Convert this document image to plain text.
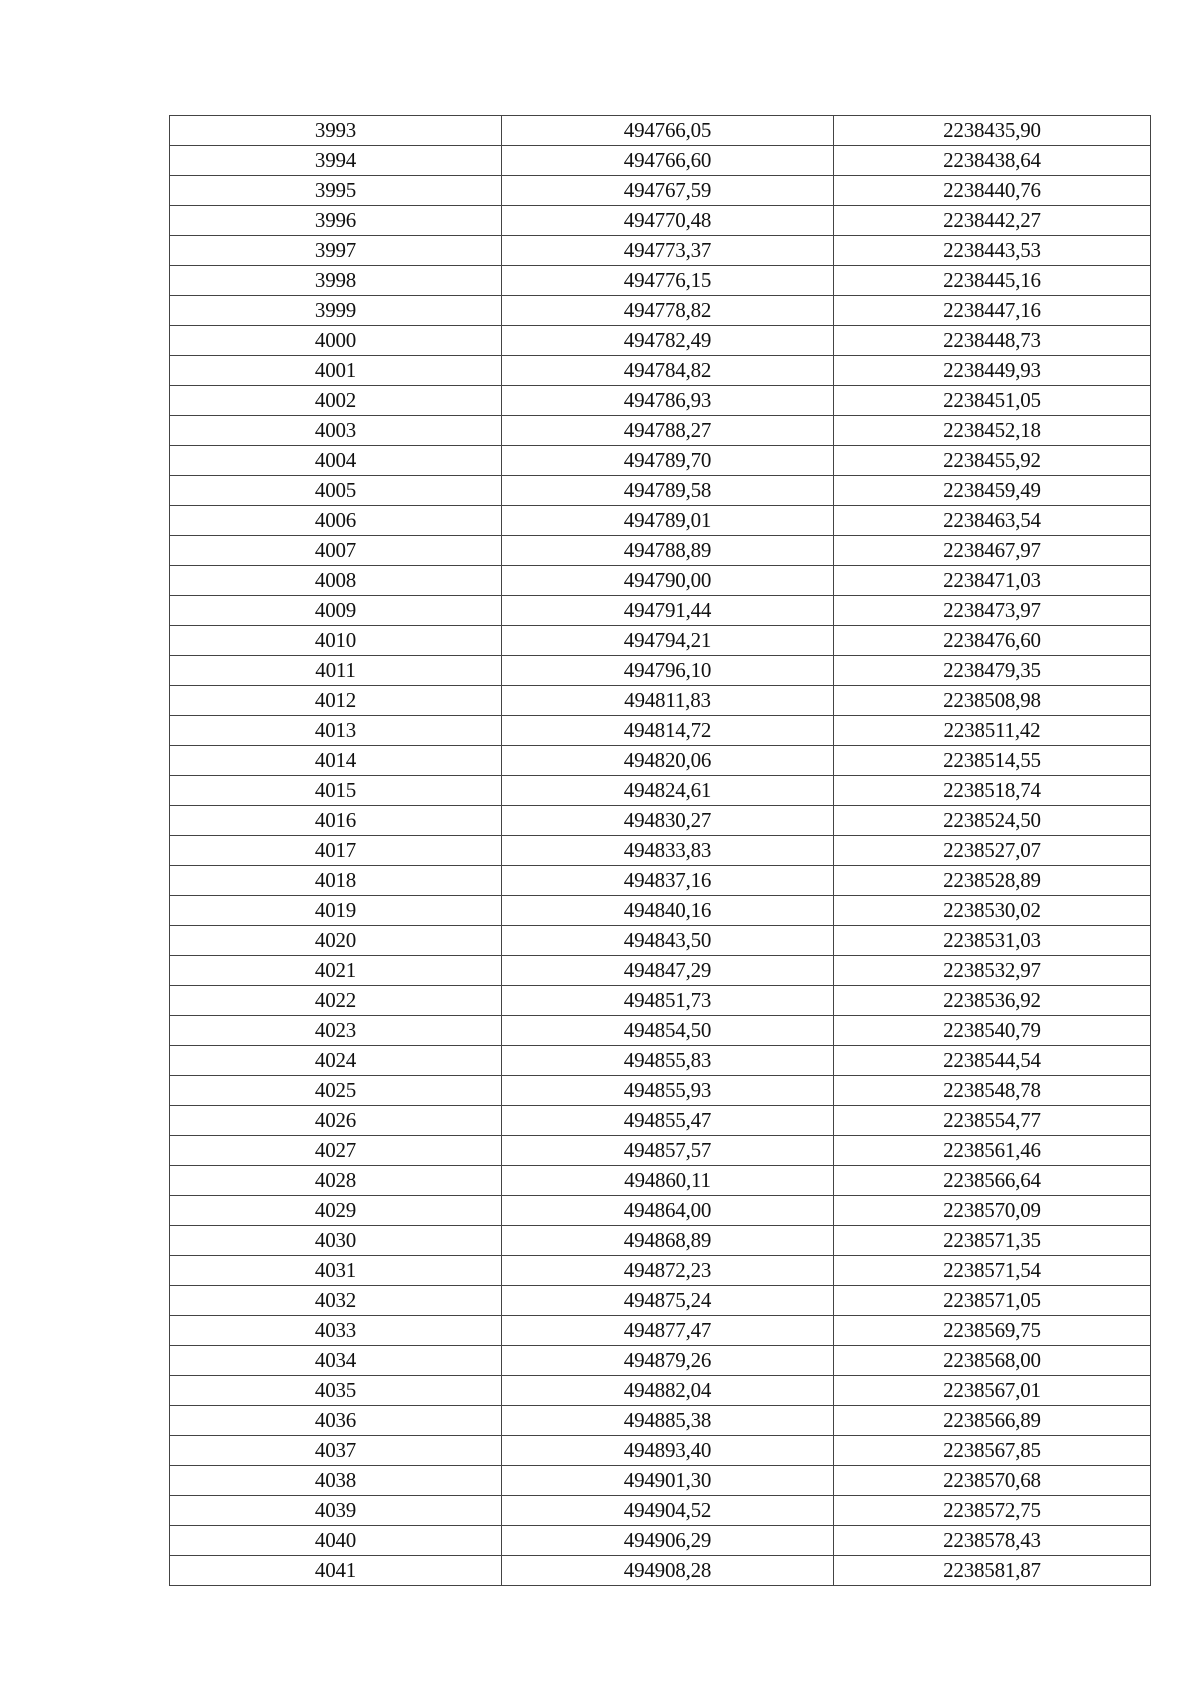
3993	494766,05	2238435,90
3994	494766,60	2238438,64
3995	494767,59	2238440,76
3996	494770,48	2238442,27
3997	494773,37	2238443,53
3998	494776,15	2238445,16
3999	494778,82	2238447,16
4000	494782,49	2238448,73
4001	494784,82	2238449,93
4002	494786,93	2238451,05
4003	494788,27	2238452,18
4004	494789,70	2238455,92
4005	494789,58	2238459,49
4006	494789,01	2238463,54
4007	494788,89	2238467,97
4008	494790,00	2238471,03
4009	494791,44	2238473,97
4010	494794,21	2238476,60
4011	494796,10	2238479,35
4012	494811,83	2238508,98
4013	494814,72	2238511,42
4014	494820,06	2238514,55
4015	494824,61	2238518,74
4016	494830,27	2238524,50
4017	494833,83	2238527,07
4018	494837,16	2238528,89
4019	494840,16	2238530,02
4020	494843,50	2238531,03
4021	494847,29	2238532,97
4022	494851,73	2238536,92
4023	494854,50	2238540,79
4024	494855,83	2238544,54
4025	494855,93	2238548,78
4026	494855,47	2238554,77
4027	494857,57	2238561,46
4028	494860,11	2238566,64
4029	494864,00	2238570,09
4030	494868,89	2238571,35
4031	494872,23	2238571,54
4032	494875,24	2238571,05
4033	494877,47	2238569,75
4034	494879,26	2238568,00
4035	494882,04	2238567,01
4036	494885,38	2238566,89
4037	494893,40	2238567,85
4038	494901,30	2238570,68
4039	494904,52	2238572,75
4040	494906,29	2238578,43
4041	494908,28	2238581,87
